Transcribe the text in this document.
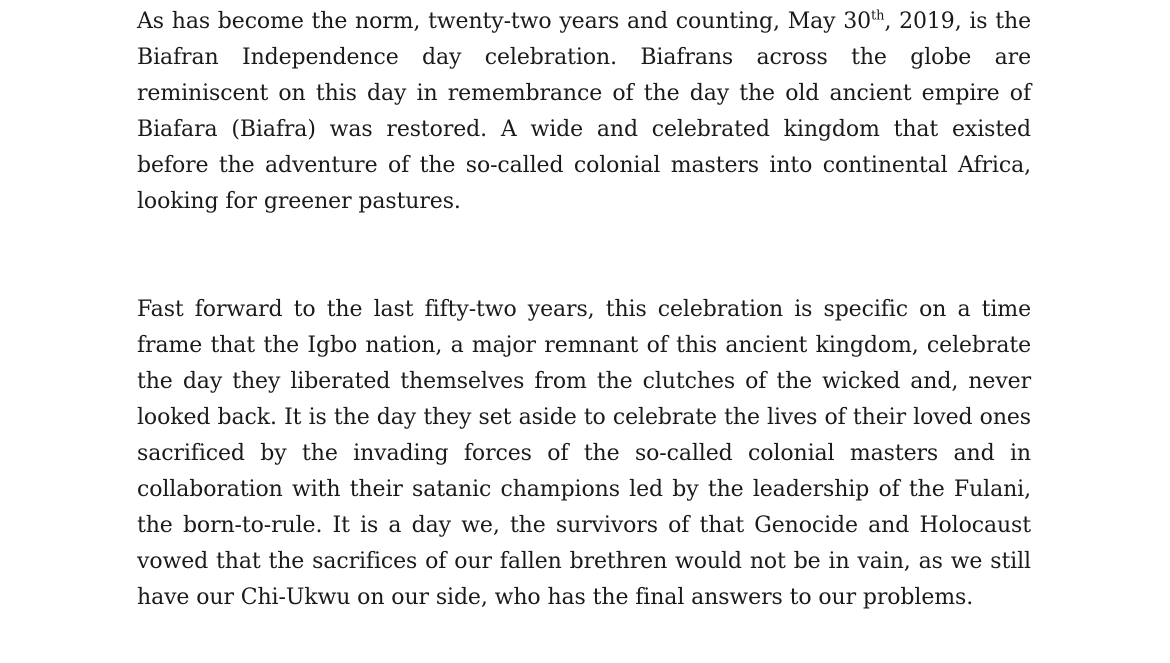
As has become the norm, twenty-two years and counting, May 30th, 2019, is the Biafran Independence day celebration. Biafrans across the globe are reminiscent on this day in remembrance of the day the old ancient empire of Biafara (Biafra) was restored. A wide and celebrated kingdom that existed before the adventure of the so-called colonial masters into continental Africa, looking for greener pastures.

Fast forward to the last fifty-two years, this celebration is specific on a time frame that the Igbo nation, a major remnant of this ancient kingdom, celebrate the day they liberated themselves from the clutches of the wicked and, never looked back. It is the day they set aside to celebrate the lives of their loved ones sacrificed by the invading forces of the so-called colonial masters and in collaboration with their satanic champions led by the leadership of the Fulani, the born-to-rule. It is a day we, the survivors of that Genocide and Holocaust vowed that the sacrifices of our fallen brethren would not be in vain, as we still have our Chi-Ukwu on our side, who has the final answers to our problems.
